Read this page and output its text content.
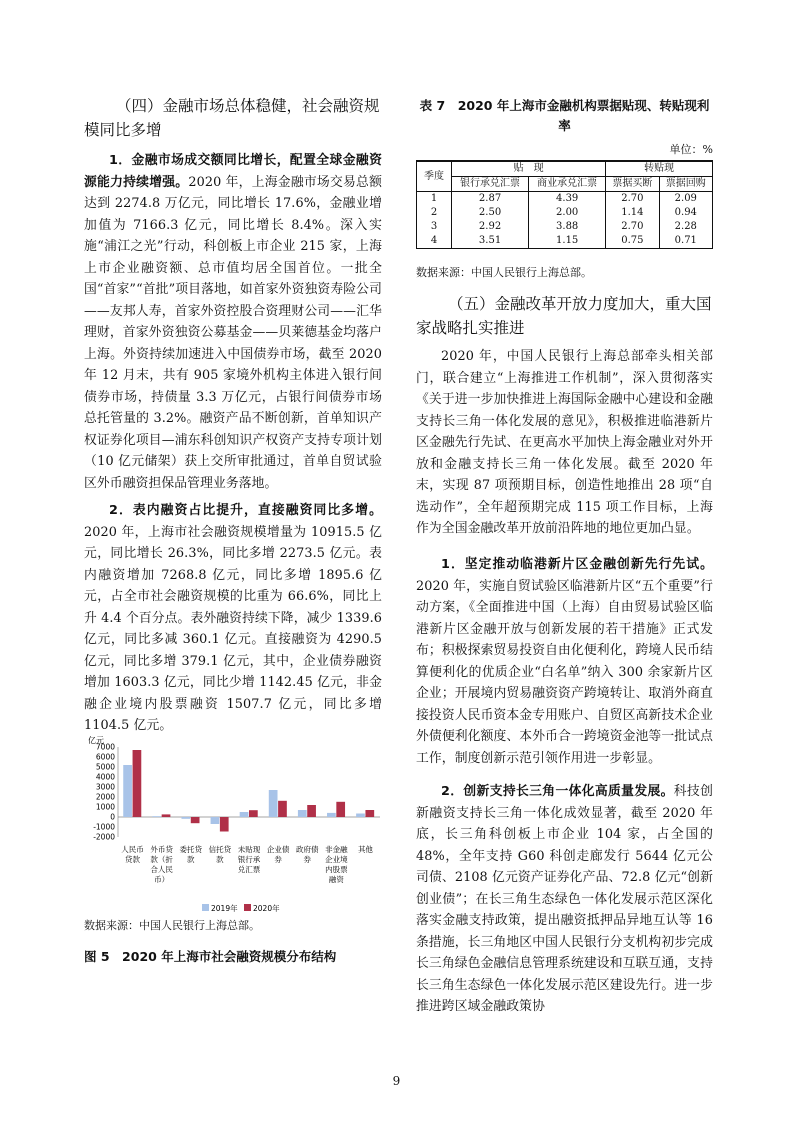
（四）金融市场总体稳健，社会融资规模同比多增
1．金融市场成交额同比增长，配置全球金融资源能力持续增强。2020 年，上海金融市场交易总额达到 2274.8 万亿元，同比增长 17.6%，金融业增加值为 7166.3 亿元，同比增长 8.4%。深入实施“浦江之光”行动，科创板上市企业 215 家，上海上市企业融资额、总市值均居全国首位。一批全国“首家”“首批”项目落地，如首家外资独资寿险公司——友邦人寿，首家外资控股合资理财公司——汇华理财，首家外资独资公募基金——贝莱德基金均落户上海。外资持续加速进入中国债券市场，截至 2020 年 12 月末，共有 905 家境外机构主体进入银行间债券市场，持债量 3.3 万亿元，占银行间债券市场总托管量的 3.2%。融资产品不断创新，首单知识产权证券化项目—浦东科创知识产权资产支持专项计划（10 亿元储架）获上交所审批通过，首单自贸试验区外币融资担保品管理业务落地。
2．表内融资占比提升，直接融资同比多增。2020 年，上海市社会融资规模增量为 10915.5 亿元，同比增长 26.3%，同比多增 2273.5 亿元。表内融资增加 7268.8 亿元，同比多增 1895.6 亿元，占全市社会融资规模的比重为 66.6%，同比上升 4.4 个百分点。表外融资持续下降，减少 1339.6 亿元，同比多减 360.1 亿元。直接融资为 4290.5 亿元，同比多增 379.1 亿元，其中，企业债券融资增加 1603.3 亿元，同比少增 1142.45 亿元，非金融企业境内股票融资 1507.7 亿元，同比多增 1104.5 亿元。
亿元
7000
6000
5000
4000
3000
2000
1000
0
-1000
-2000
人民币
贷款
外币贷
款（折
合人民
币）
委托贷
款
信托贷
款
未贴现
银行承
兑汇票
企业债
券
政府债
券
非金融
企业境
内股票
融资
其他
2019年 2020年
数据来源：中国人民银行上海总部。
图 5　2020 年上海市社会融资规模分布结构
表 7　2020 年上海市金融机构票据贴现、转贴现利率
单位：%
季度	贴　现		转贴现	
	银行承兑汇票	商业承兑汇票	票据买断	票据回购
1	2.87	4.39	2.70	2.09
2	2.50	2.00	1.14	0.94
3	2.92	3.88	2.70	2.28
4	3.51	1.15	0.75	0.71
数据来源：中国人民银行上海总部。
（五）金融改革开放力度加大，重大国家战略扎实推进
2020 年，中国人民银行上海总部牵头相关部门，联合建立“上海推进工作机制”，深入贯彻落实《关于进一步加快推进上海国际金融中心建设和金融支持长三角一体化发展的意见》，积极推进临港新片区金融先行先试、在更高水平加快上海金融业对外开放和金融支持长三角一体化发展。截至 2020 年末，实现 87 项预期目标，创造性地推出 28 项“自选动作”，全年超预期完成 115 项工作目标，上海作为全国金融改革开放前沿阵地的地位更加凸显。
1．坚定推动临港新片区金融创新先行先试。2020 年，实施自贸试验区临港新片区“五个重要”行动方案，《全面推进中国（上海）自由贸易试验区临港新片区金融开放与创新发展的若干措施》正式发布；积极探索贸易投资自由化便利化，跨境人民币结算便利化的优质企业“白名单”纳入 300 余家新片区企业；开展境内贸易融资资产跨境转让、取消外商直接投资人民币资本金专用账户、自贸区高新技术企业外债便利化额度、本外币合一跨境资金池等一批试点工作，制度创新示范引领作用进一步彰显。
2．创新支持长三角一体化高质量发展。科技创新融资支持长三角一体化成效显著，截至 2020 年底，长三角科创板上市企业 104 家，占全国的 48%，全年支持 G60 科创走廊发行 5644 亿元公司债、2108 亿元资产证券化产品、72.8 亿元“创新创业债”；在长三角生态绿色一体化发展示范区深化落实金融支持政策，提出融资抵押品异地互认等 16 条措施，长三角地区中国人民银行分支机构初步完成长三角绿色金融信息管理系统建设和互联互通，支持长三角生态绿色一体化发展示范区建设先行。进一步推进跨区域金融政策协
9
